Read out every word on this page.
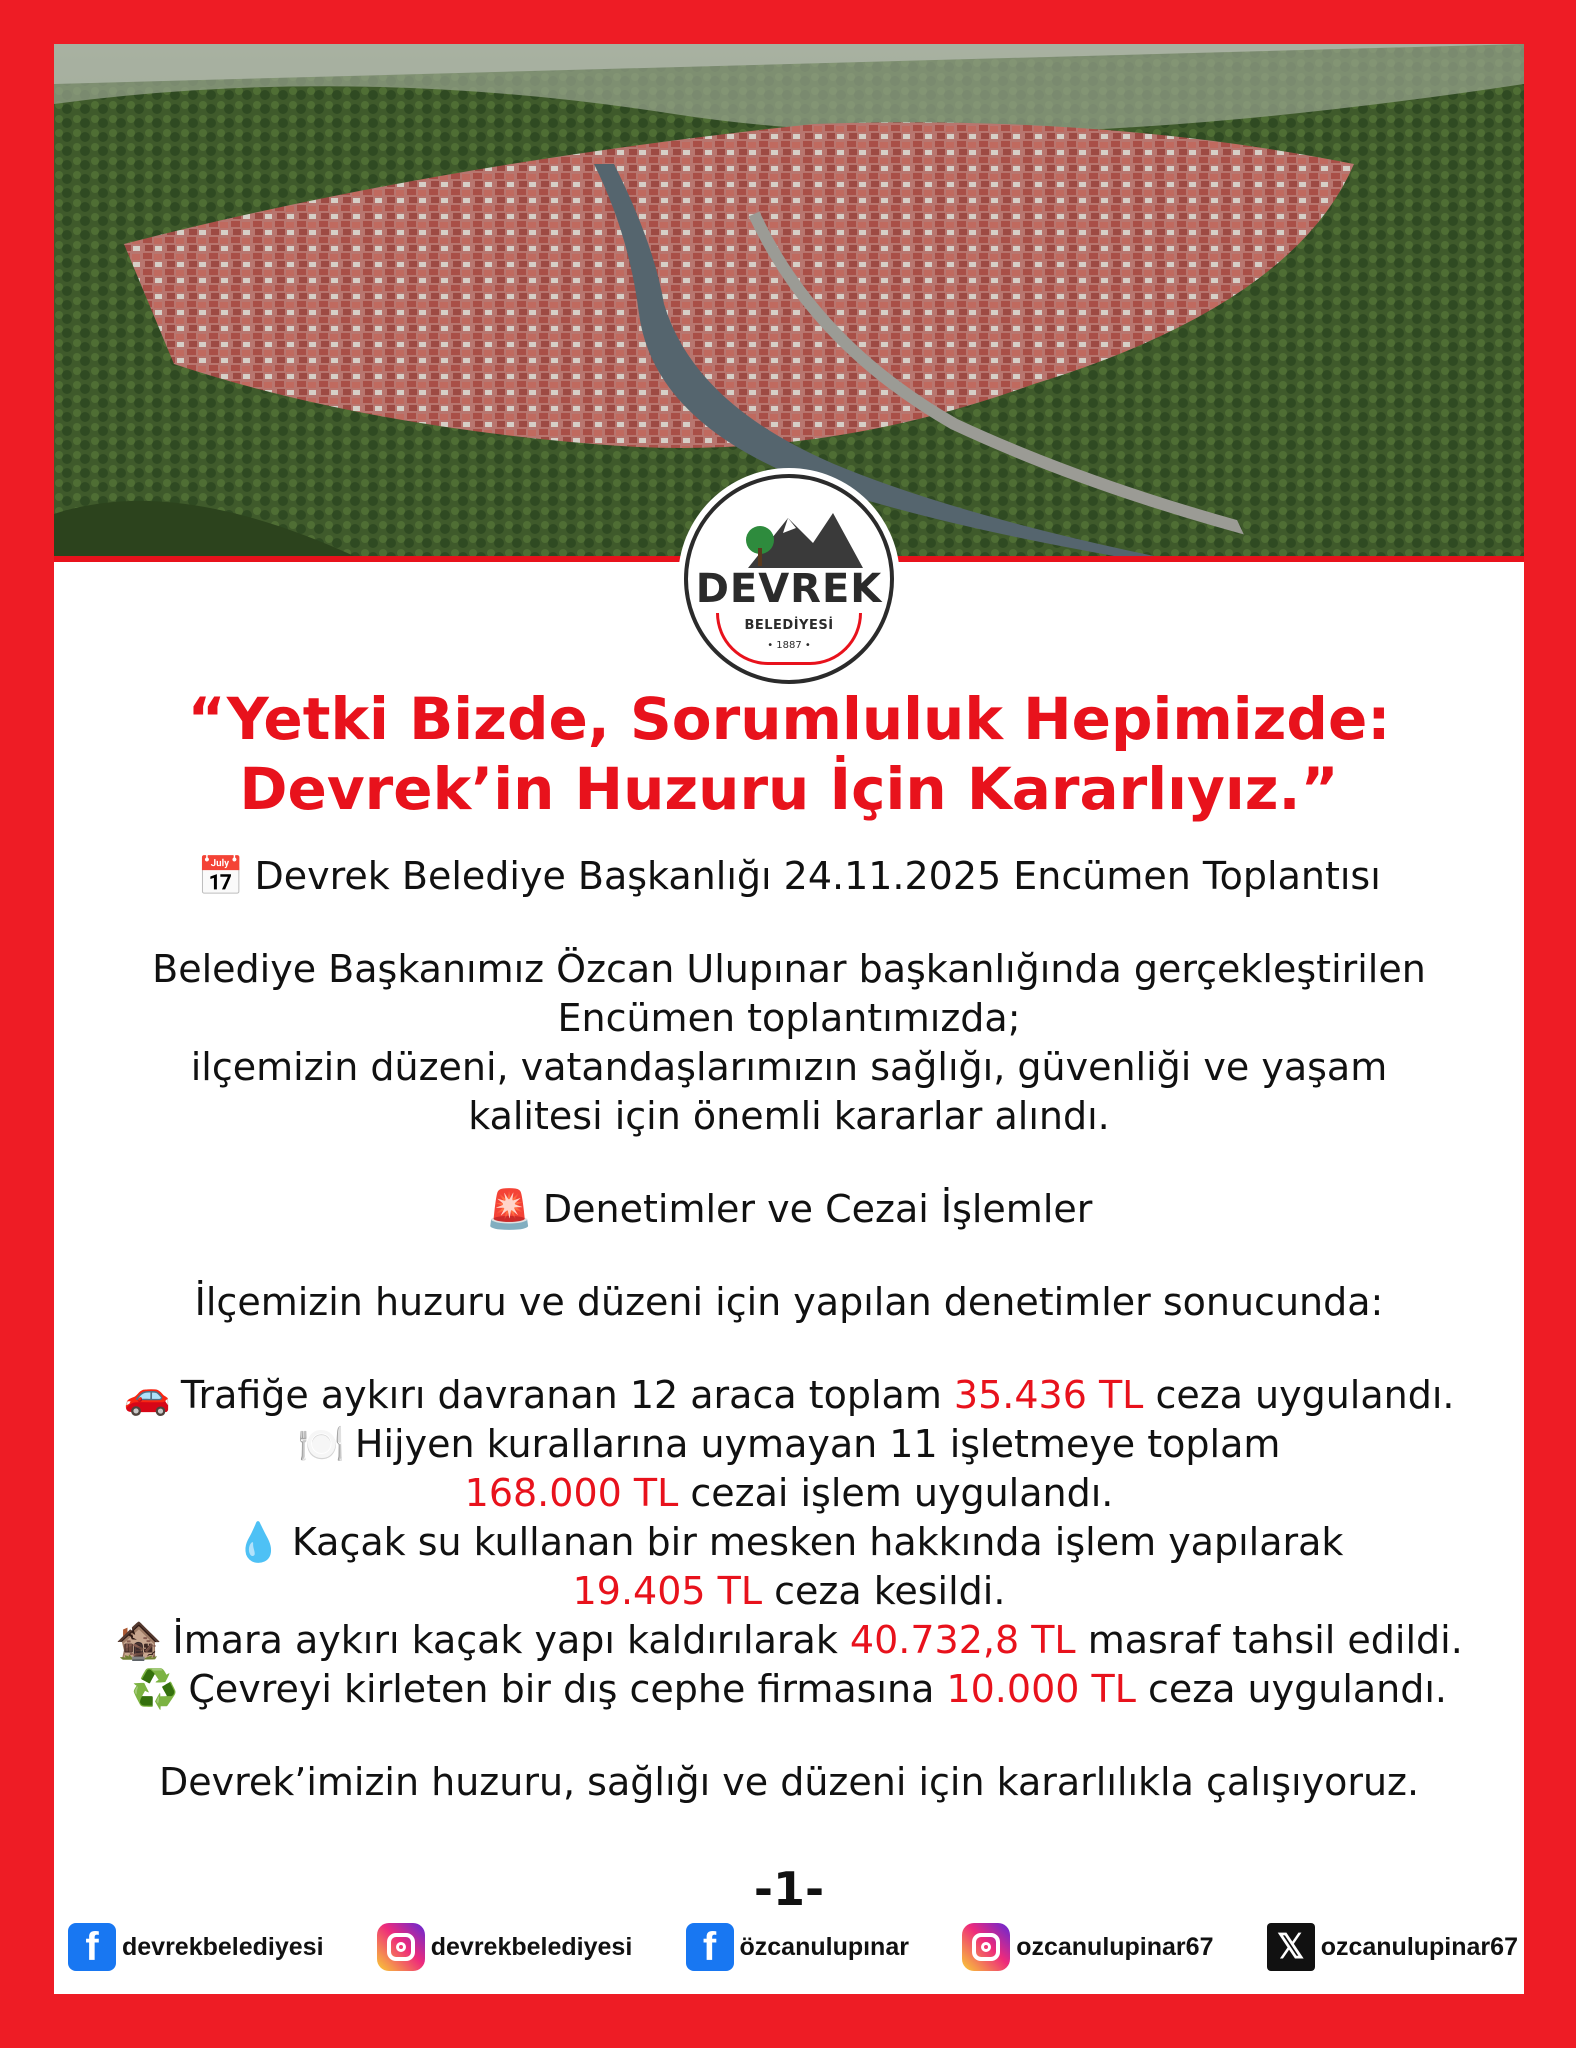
DEVREK
BELEDİYESİ
• 1887 •
“Yetki Bizde, Sorumluluk Hepimizde:
Devrek’in Huzuru İçin Kararlıyız.”

📅 Devrek Belediye Başkanlığı 24.11.2025 Encümen Toplantısı

Belediye Başkanımız Özcan Ulupınar başkanlığında gerçekleştirilen

Encümen toplantımızda;

ilçemizin düzeni, vatandaşlarımızın sağlığı, güvenliği ve yaşam

kalitesi için önemli kararlar alındı.

🚨 Denetimler ve Cezai İşlemler

İlçemizin huzuru ve düzeni için yapılan denetimler sonucunda:

🚗 Trafiğe aykırı davranan 12 araca toplam 35.436 TL ceza uygulandı.

🍽️ Hijyen kurallarına uymayan 11 işletmeye toplam

168.000 TL cezai işlem uygulandı.

💧 Kaçak su kullanan bir mesken hakkında işlem yapılarak

19.405 TL ceza kesildi.

🏚️ İmara aykırı kaçak yapı kaldırılarak 40.732,8 TL masraf tahsil edildi.

♻️ Çevreyi kirleten bir dış cephe firmasına 10.000 TL ceza uygulandı.

Devrek’imizin huzuru, sağlığı ve düzeni için kararlılıkla çalışıyoruz.

-1-
f devrekbelediyesi	devrekbelediyesi	f özcanulupınar	ozcanulupinar67	𝕏 ozcanulupinar67
